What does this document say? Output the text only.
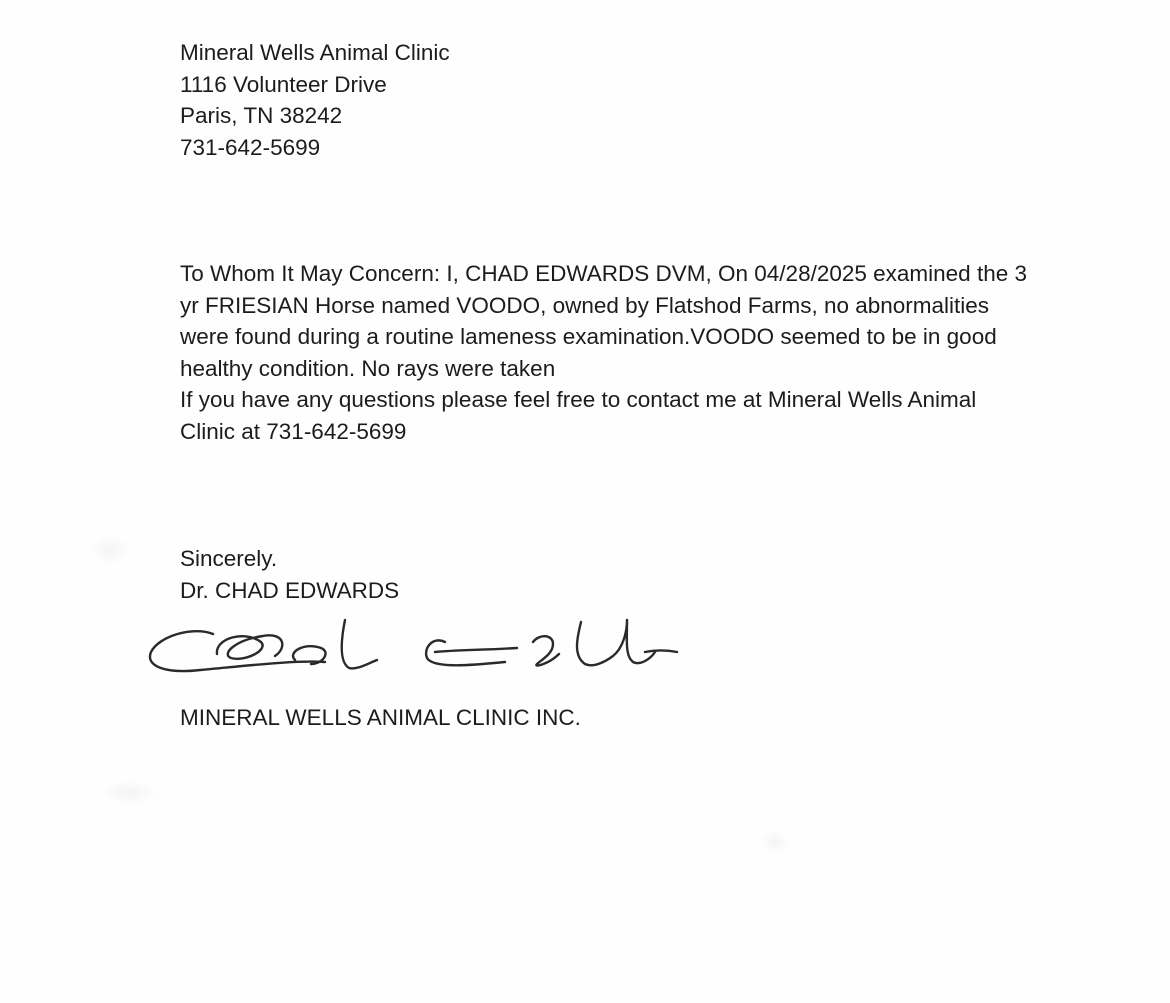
Mineral Wells Animal Clinic
1116 Volunteer Drive
Paris, TN 38242
731-642-5699
To Whom It May Concern: I, CHAD EDWARDS DVM, On 04/28/2025 examined the 3
yr FRIESIAN Horse named VOODO, owned by Flatshod Farms, no abnormalities
were found during a routine lameness examination.VOODO seemed to be in good
healthy condition. No rays were taken
If you have any questions please feel free to contact me at Mineral Wells Animal
Clinic at 731-642-5699
Sincerely.
Dr. CHAD EDWARDS
MINERAL WELLS ANIMAL CLINIC INC.
